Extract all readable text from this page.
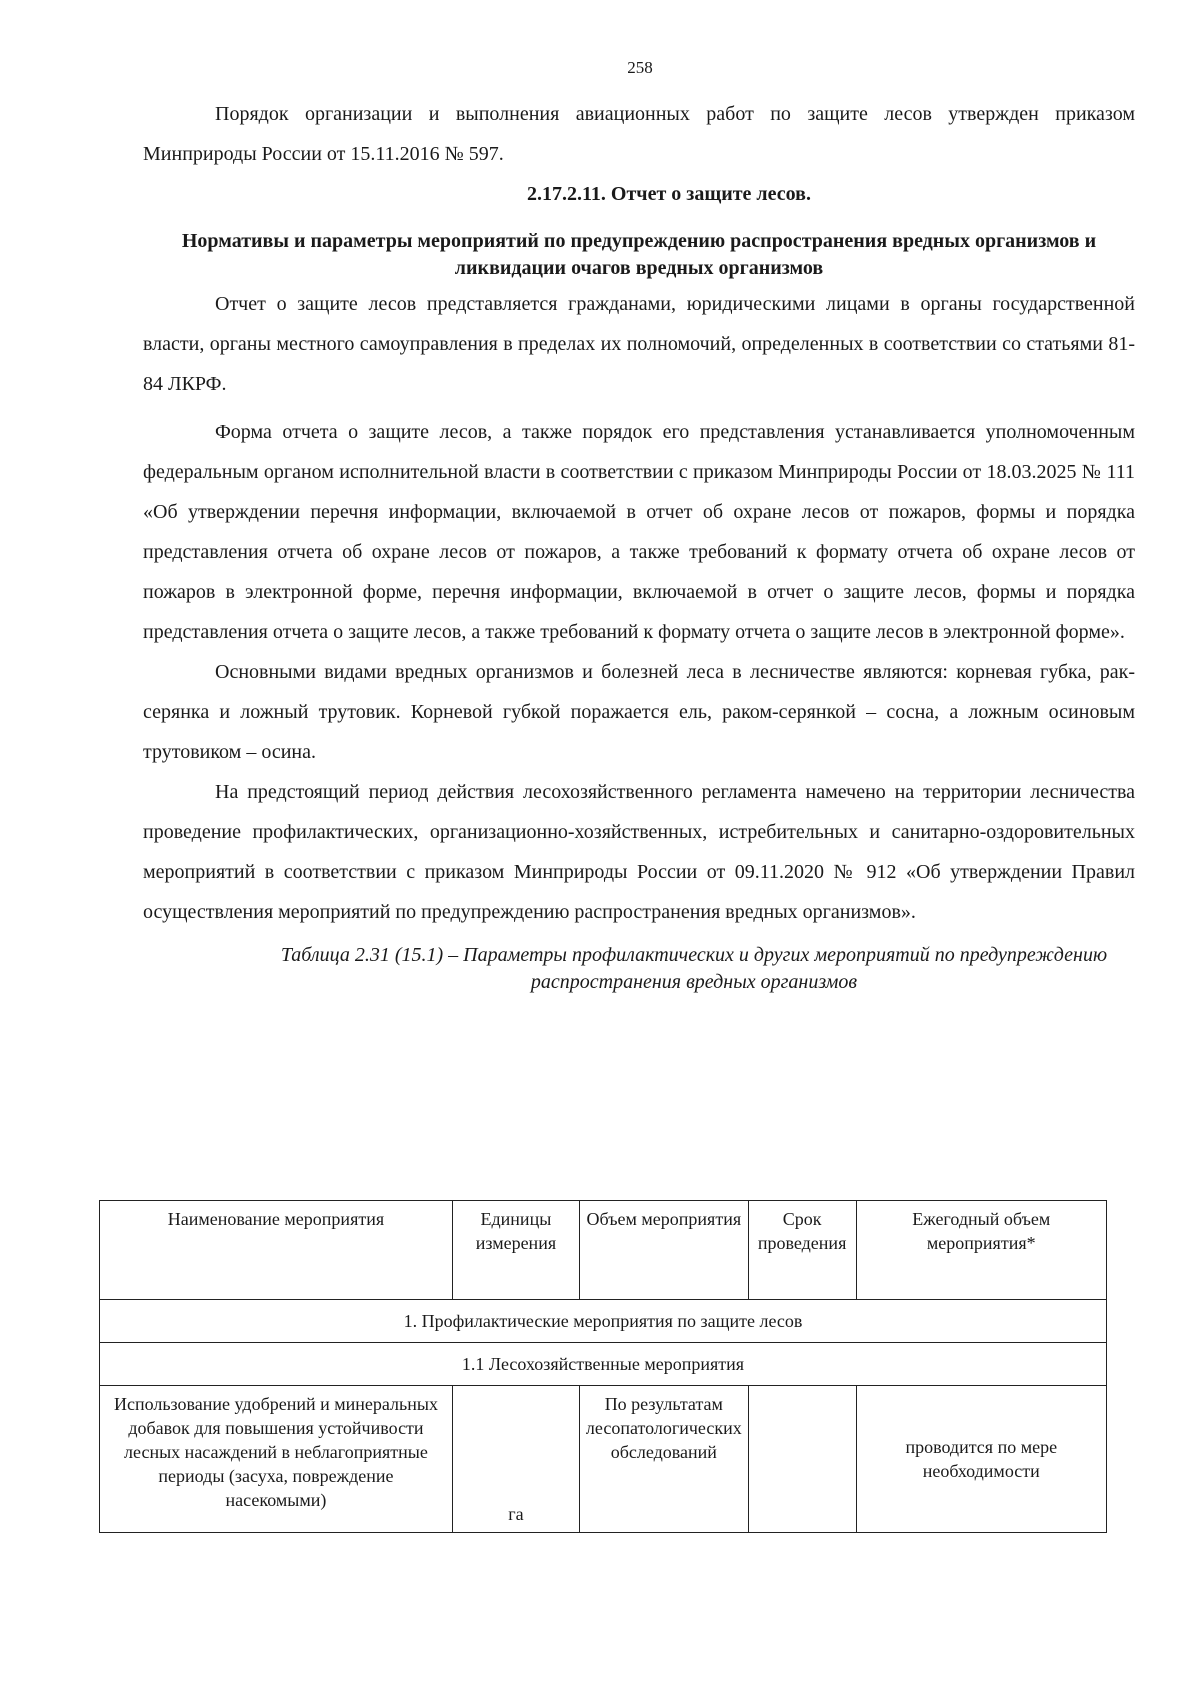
258

Порядок организации и выполнения авиационных работ по защите лесов утвержден приказом Минприроды России от 15.11.2016 № 597.

2.17.2.11. Отчет о защите лесов.
Нормативы и параметры мероприятий по предупреждению распространения вредных организмов и ликвидации очагов вредных организмов

Отчет о защите лесов представляется гражданами, юридическими лицами в органы государственной власти, органы местного самоуправления в пределах их полномочий, определенных в соответствии со статьями 81-84 ЛКРФ.

Форма отчета о защите лесов, а также порядок его представления устанавливается уполномоченным федеральным органом исполнительной власти в соответствии с приказом Минприроды России от 18.03.2025 № 111 «Об утверждении перечня информации, включаемой в отчет об охране лесов от пожаров, формы и порядка представления отчета об охране лесов от пожаров, а также требований к формату отчета об охране лесов от пожаров в электронной форме, перечня информации, включаемой в отчет о защите лесов, формы и порядка представления отчета о защите лесов, а также требований к формату отчета о защите лесов в электронной форме».

Основными видами вредных организмов и болезней леса в лесничестве являются: корневая губка, рак-серянка и ложный трутовик. Корневой губкой поражается ель, раком-серянкой – сосна, а ложным осиновым трутовиком – осина.

На предстоящий период действия лесохозяйственного регламента намечено на территории лесничества проведение профилактических, организационно-хозяйственных, истребительных и санитарно-оздоровительных мероприятий в соответствии с приказом Минприроды России от 09.11.2020 № 912 «Об утверждении Правил осуществления мероприятий по предупреждению распространения вредных организмов».

Таблица 2.31 (15.1) – Параметры профилактических и других мероприятий по предупреждению распространения вредных организмов
Наименование мероприятия	Единицы измерения	Объем мероприятия	Срок проведения	Ежегодный объем мероприятия*
1. Профилактические мероприятия по защите лесов				
1.1 Лесохозяйственные мероприятия				
Использование удобрений и минеральных добавок для повышения устойчивости лесных насаждений в неблагоприятные периоды (засуха, повреждение насекомыми)	га	По результатам лесопатологических обследований		проводится по мере необходимости
